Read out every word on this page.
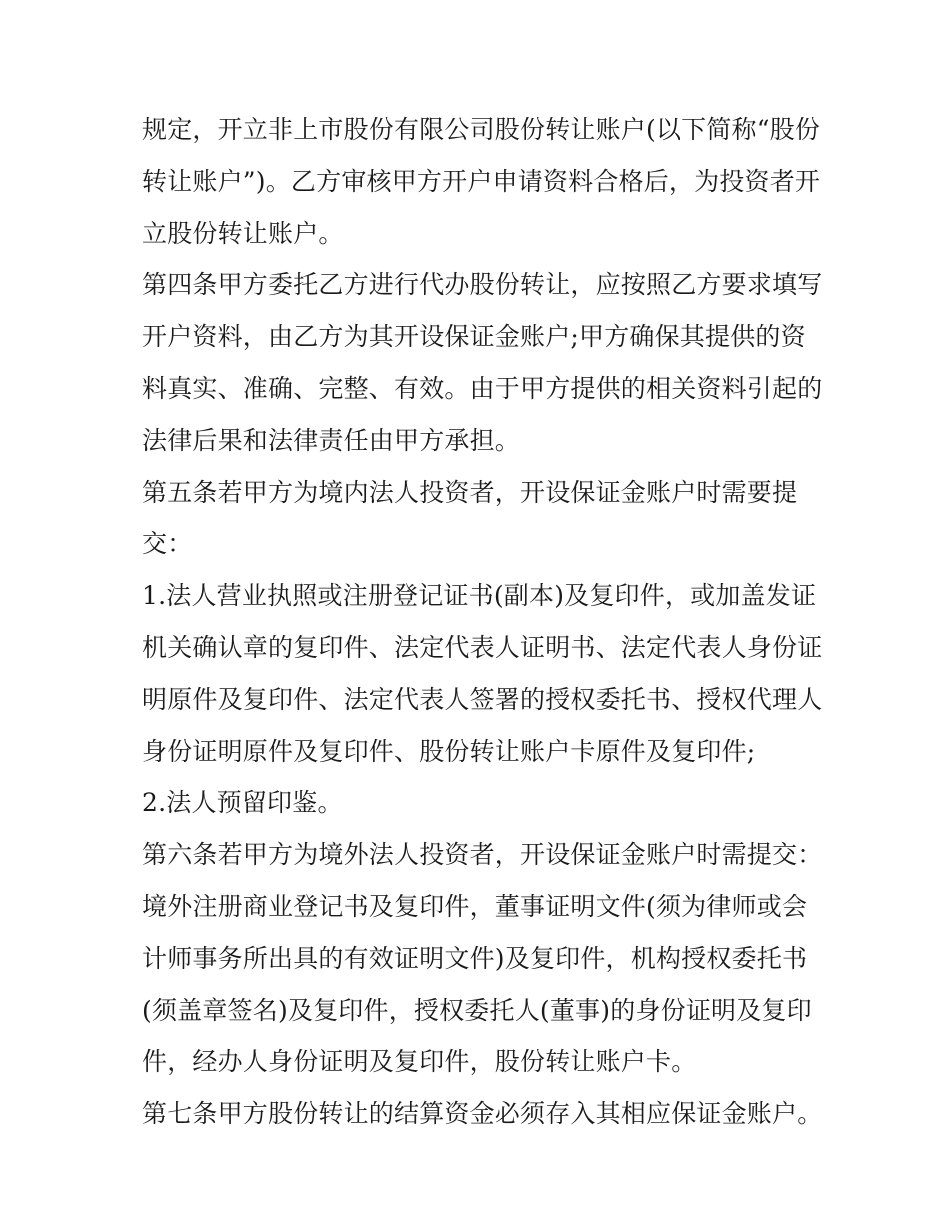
规定，开立非上市股份有限公司股份转让账户(以下简称“股份
转让账户”)。乙方审核甲方开户申请资料合格后，为投资者开
立股份转让账户。
第四条甲方委托乙方进行代办股份转让，应按照乙方要求填写
开户资料，由乙方为其开设保证金账户;甲方确保其提供的资
料真实、准确、完整、有效。由于甲方提供的相关资料引起的
法律后果和法律责任由甲方承担。
第五条若甲方为境内法人投资者，开设保证金账户时需要提
交：
1.法人营业执照或注册登记证书(副本)及复印件，或加盖发证
机关确认章的复印件、法定代表人证明书、法定代表人身份证
明原件及复印件、法定代表人签署的授权委托书、授权代理人
身份证明原件及复印件、股份转让账户卡原件及复印件;
2.法人预留印鉴。
第六条若甲方为境外法人投资者，开设保证金账户时需提交：
境外注册商业登记书及复印件，董事证明文件(须为律师或会
计师事务所出具的有效证明文件)及复印件，机构授权委托书
(须盖章签名)及复印件，授权委托人(董事)的身份证明及复印
件，经办人身份证明及复印件，股份转让账户卡。
第七条甲方股份转让的结算资金必须存入其相应保证金账户。
